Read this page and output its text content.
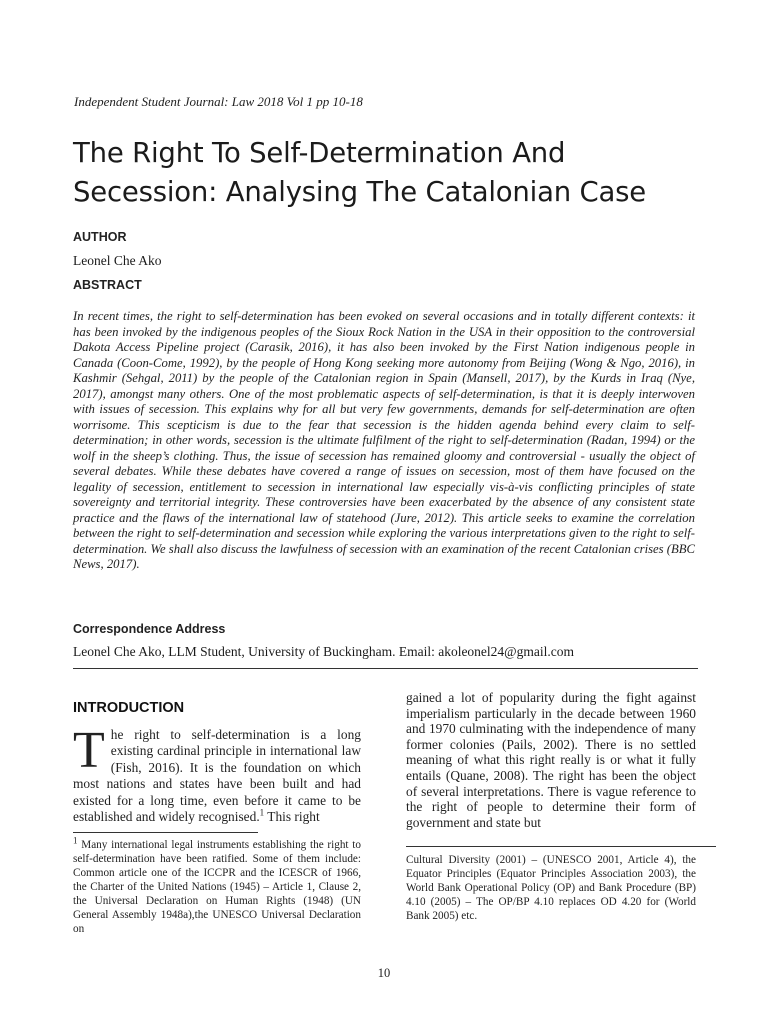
Independent Student Journal: Law 2018 Vol 1 pp 10-18
The Right To Self-Determination And Secession: Analysing The Catalonian Case
AUTHOR
Leonel Che Ako
ABSTRACT

In recent times, the right to self-determination has been evoked on several occasions and in totally different contexts: it has been invoked by the indigenous peoples of the Sioux Rock Nation in the USA in their opposition to the controversial Dakota Access Pipeline project (Carasik, 2016), it has also been invoked by the First Nation indigenous people in Canada (Coon-Come, 1992), by the people of Hong Kong seeking more autonomy from Beijing (Wong & Ngo, 2016), in Kashmir (Sehgal, 2011) by the people of the Catalonian region in Spain (Mansell, 2017), by the Kurds in Iraq (Nye, 2017), amongst many others. One of the most problematic aspects of self-determination, is that it is deeply interwoven with issues of secession. This explains why for all but very few governments, demands for self-determination are often worrisome. This scepticism is due to the fear that secession is the hidden agenda behind every claim to self-determination; in other words, secession is the ultimate fulfilment of the right to self-determination (Radan, 1994) or the wolf in the sheep’s clothing. Thus, the issue of secession has remained gloomy and controversial - usually the object of several debates. While these debates have covered a range of issues on secession, most of them have focused on the legality of secession, entitlement to secession in international law especially vis-à-vis conflicting principles of state sovereignty and territorial integrity. These controversies have been exacerbated by the absence of any consistent state practice and the flaws of the international law of statehood (Jure, 2012). This article seeks to examine the correlation between the right to self-determination and secession while exploring the various interpretations given to the right to self-determination. We shall also discuss the lawfulness of secession with an examination of the recent Catalonian crises (BBC News, 2017).

Correspondence Address
Leonel Che Ako, LLM Student, University of Buckingham. Email: akoleonel24@gmail.com
INTRODUCTION

The right to self-determination is a long existing cardinal principle in international law (Fish, 2016). It is the foundation on which most nations and states have been built and had existed for a long time, even before it came to be established and widely recognised.$^1$ This right

gained a lot of popularity during the fight against imperialism particularly in the decade between 1960 and 1970 culminating with the independence of many former colonies (Pails, 2002). There is no settled meaning of what this right really is or what it fully entails (Quane, 2008). The right has been the object of several interpretations. There is vague reference to the right of people to determine their form of government and state but

$^1$ Many international legal instruments establishing the right to self-determination have been ratified. Some of them include: Common article one of the ICCPR and the ICESCR of 1966, the Charter of the United Nations (1945) – Article 1, Clause 2, the Universal Declaration on Human Rights (1948) (UN General Assembly 1948a),the UNESCO Universal Declaration on

Cultural Diversity (2001) – (UNESCO 2001, Article 4), the Equator Principles (Equator Principles Association 2003), the World Bank Operational Policy (OP) and Bank Procedure (BP) 4.10 (2005) – The OP/BP 4.10 replaces OD 4.20 for (World Bank 2005) etc.

10
